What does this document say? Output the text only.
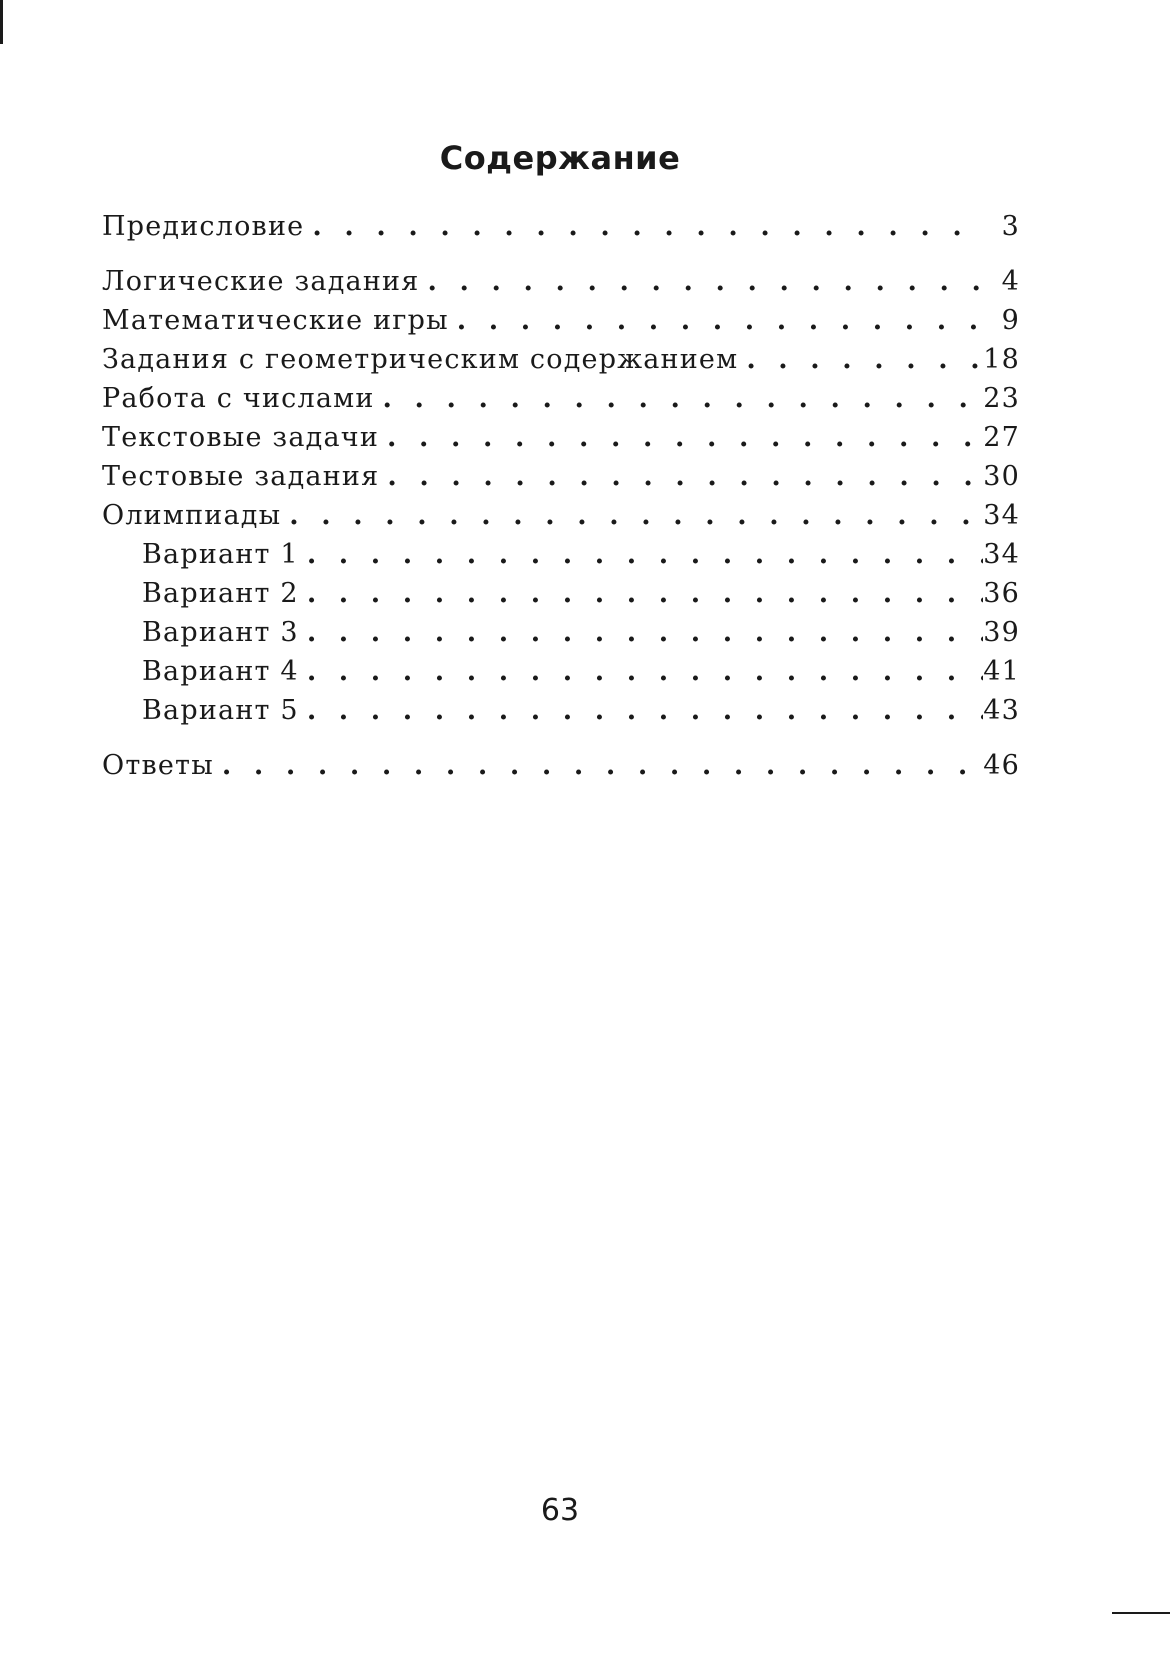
Содержание
Предисловие . . .	3
Логические задания . . .	4
Математические игры . . .	9
Задания с геометрическим содержанием . . .	18
Работа с числами . . .	23
Текстовые задачи . . .	27
Тестовые задания . . .	30
Олимпиады . . .	34
Вариант 1 . . .	34
Вариант 2 . . .	36
Вариант 3 . . .	39
Вариант 4 . . .	41
Вариант 5 . . .	43
Ответы . . .	46
63
